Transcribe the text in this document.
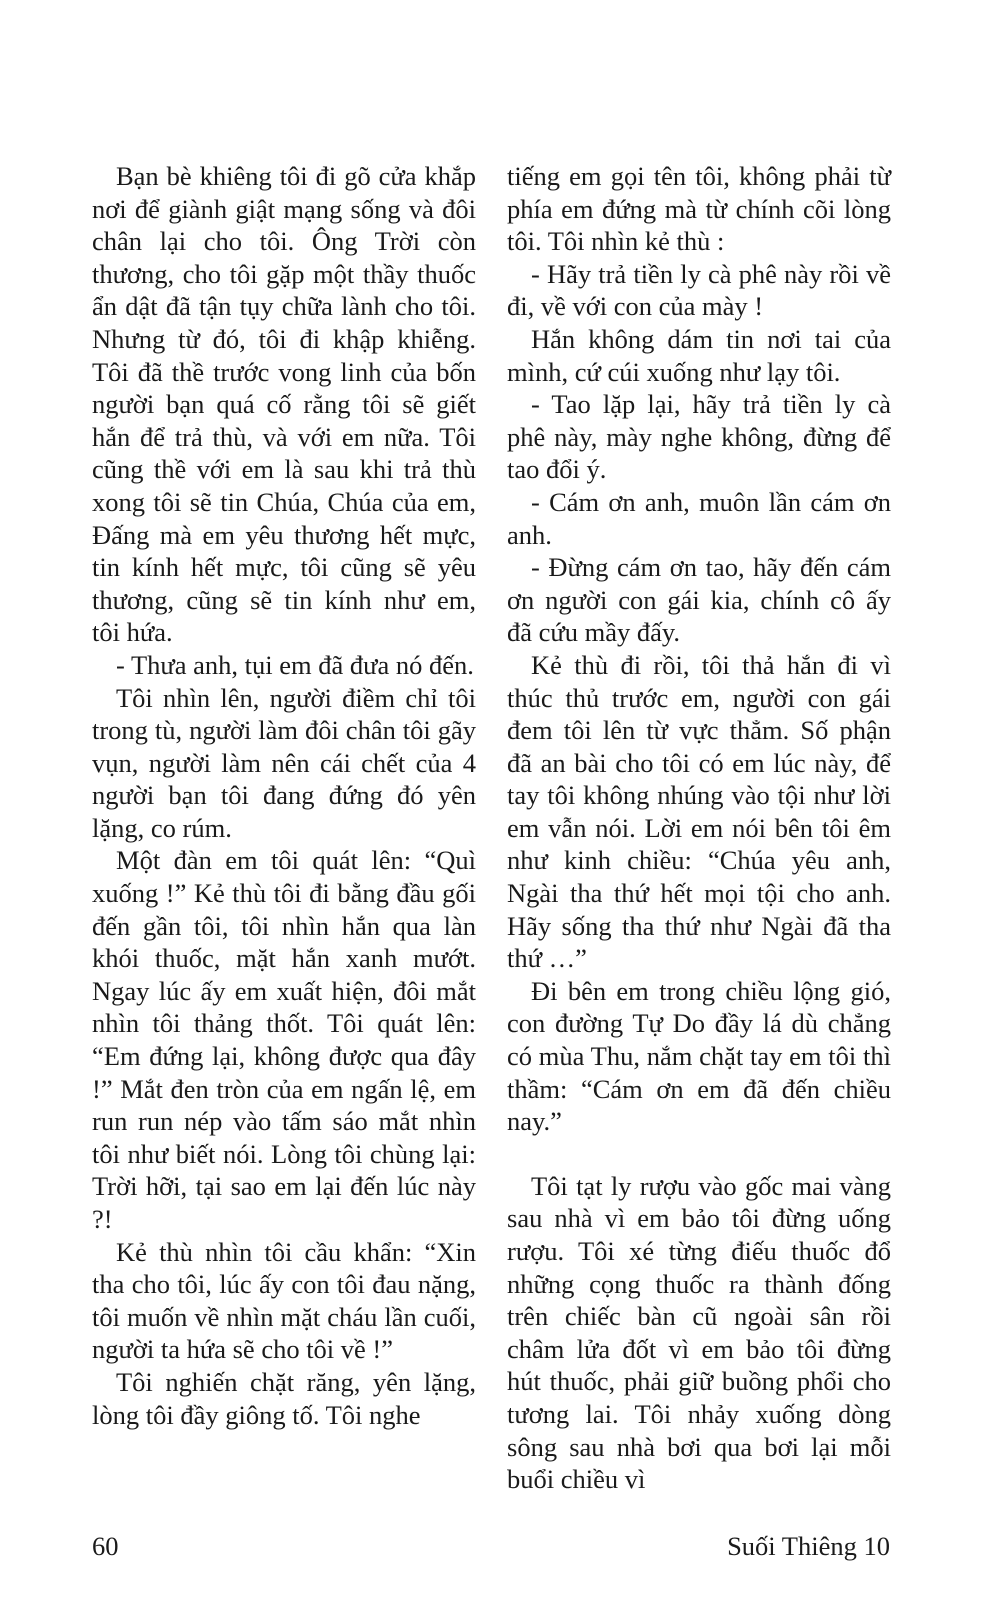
Bạn bè khiêng tôi đi gõ cửa khắp nơi để giành giật mạng sống và đôi chân lại cho tôi. Ông Trời còn thương, cho tôi gặp một thầy thuốc ẩn dật đã tận tụy chữa lành cho tôi. Nhưng từ đó, tôi đi khập khiễng. Tôi đã thề trước vong linh của bốn người bạn quá cố rằng tôi sẽ giết hắn để trả thù, và với em nữa. Tôi cũng thề với em là sau khi trả thù xong tôi sẽ tin Chúa, Chúa của em, Đấng mà em yêu thương hết mực, tin kính hết mực, tôi cũng sẽ yêu thương, cũng sẽ tin kính như em, tôi hứa.

- Thưa anh, tụi em đã đưa nó đến.

Tôi nhìn lên, người điềm chỉ tôi trong tù, người làm đôi chân tôi gãy vụn, người làm nên cái chết của 4 người bạn tôi đang đứng đó yên lặng, co rúm.

Một đàn em tôi quát lên: “Quì xuống !” Kẻ thù tôi đi bằng đầu gối đến gần tôi, tôi nhìn hắn qua làn khói thuốc, mặt hắn xanh mướt. Ngay lúc ấy em xuất hiện, đôi mắt nhìn tôi thảng thốt. Tôi quát lên: “Em đứng lại, không được qua đây !” Mắt đen tròn của em ngấn lệ, em run run nép vào tấm sáo mắt nhìn tôi như biết nói. Lòng tôi chùng lại: Trời hỡi, tại sao em lại đến lúc này ?!

Kẻ thù nhìn tôi cầu khẩn: “Xin tha cho tôi, lúc ấy con tôi đau nặng, tôi muốn về nhìn mặt cháu lần cuối, người ta hứa sẽ cho tôi về !”

Tôi nghiến chặt răng, yên lặng, lòng tôi đầy giông tố. Tôi nghe

tiếng em gọi tên tôi, không phải từ phía em đứng mà từ chính cõi lòng tôi. Tôi nhìn kẻ thù :

- Hãy trả tiền ly cà phê này rồi về đi, về với con của mày !

Hắn không dám tin nơi tai của mình, cứ cúi xuống như lạy tôi.

- Tao lặp lại, hãy trả tiền ly cà phê này, mày nghe không, đừng để tao đổi ý.

- Cám ơn anh, muôn lần cám ơn anh.

- Đừng cám ơn tao, hãy đến cám ơn người con gái kia, chính cô ấy đã cứu mầy đấy.

Kẻ thù đi rồi, tôi thả hắn đi vì thúc thủ trước em, người con gái đem tôi lên từ vực thẳm. Số phận đã an bài cho tôi có em lúc này, để tay tôi không nhúng vào tội như lời em vẫn nói. Lời em nói bên tôi êm như kinh chiều: “Chúa yêu anh, Ngài tha thứ hết mọi tội cho anh. Hãy sống tha thứ như Ngài đã tha thứ …”

Đi bên em trong chiều lộng gió, con đường Tự Do đầy lá dù chẳng có mùa Thu, nắm chặt tay em tôi thì thầm: “Cám ơn em đã đến chiều nay.”

Tôi tạt ly rượu vào gốc mai vàng sau nhà vì em bảo tôi đừng uống rượu. Tôi xé từng điếu thuốc đổ những cọng thuốc ra thành đống trên chiếc bàn cũ ngoài sân rồi châm lửa đốt vì em bảo tôi đừng hút thuốc, phải giữ buồng phổi cho tương lai. Tôi nhảy xuống dòng sông sau nhà bơi qua bơi lại mỗi buổi chiều vì

60	Suối Thiêng 10
